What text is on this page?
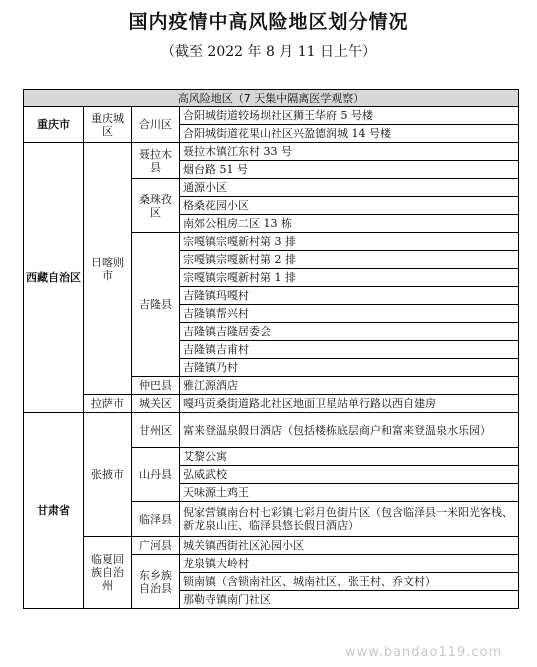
国内疫情中高风险地区划分情况
（截至 2022 年 8 月 11 日上午）
高风险地区（7 天集中隔离医学观察）			
重庆市	重庆城区	合川区	合阳城街道较场坝社区狮王华府 5 号楼
			合阳城街道花果山社区兴盈德润城 14 号楼
西藏自治区	日喀则市	聂拉木县	聂拉木镇江东村 33 号
			烟台路 51 号
		桑珠孜区	通源小区
			格桑花园小区
			南郊公租房二区 13 栋
		吉隆县	宗嘎镇宗嘎新村第 3 排
			宗嘎镇宗嘎新村第 2 排
			宗嘎镇宗嘎新村第 1 排
			吉隆镇玛嘎村
			吉隆镇帮兴村
			吉隆镇吉隆居委会
			吉隆镇吉甫村
			吉隆镇乃村
		仲巴县	雅江源酒店
	拉萨市	城关区	嘎玛贡桑街道路北社区地面卫星站单行路以西自建房
甘肃省	张掖市	甘州区	富来登温泉假日酒店（包括楼栋底层商户和富来登温泉水乐园）
		山丹县	艾黎公寓
			弘威武校
			天味源土鸡王
		临泽县	倪家营镇南台村七彩镇七彩月色街片区（包含临泽县一米阳光客栈、新龙泉山庄、临泽县悠长假日酒店）
	临夏回族自治州	广河县	城关镇西街社区沁园小区
		东乡族自治县	龙泉镇大岭村
			锁南镇（含锁南社区、城南社区、张王村、乔文村）
			那勒寺镇南门社区
www.bandao119.com
